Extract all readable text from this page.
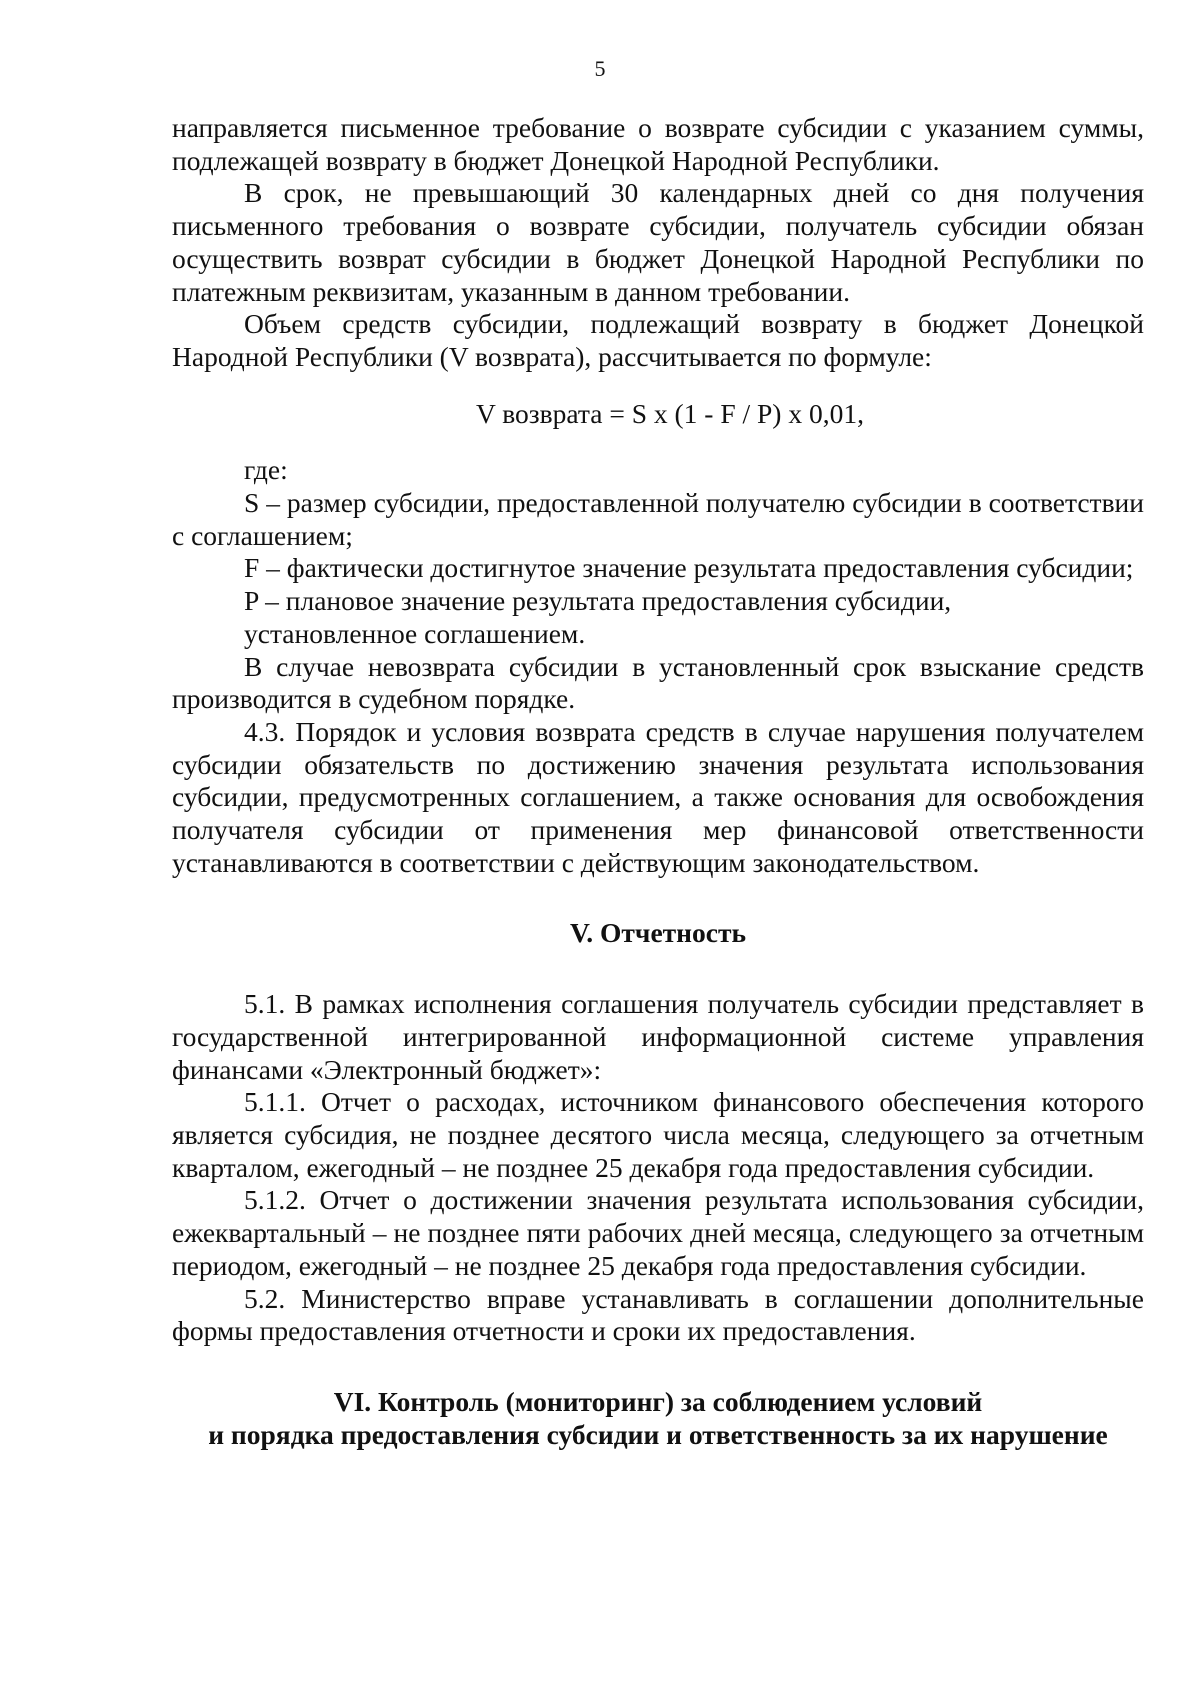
5

направляется письменное требование о возврате субсидии с указанием суммы, подлежащей возврату в бюджет Донецкой Народной Республики.

В срок, не превышающий 30 календарных дней со дня получения письменного требования о возврате субсидии, получатель субсидии обязан осуществить возврат субсидии в бюджет Донецкой Народной Республики по платежным реквизитам, указанным в данном требовании.

Объем средств субсидии, подлежащий возврату в бюджет Донецкой Народной Республики (V возврата), рассчитывается по формуле:

V возврата = S x (1 - F / P) x 0,01,

где:

S – размер субсидии, предоставленной получателю субсидии в соответствии с соглашением;

F – фактически достигнутое значение результата предоставления субсидии;

P – плановое значение результата предоставления субсидии,

установленное соглашением.

В случае невозврата субсидии в установленный срок взыскание средств производится в судебном порядке.

4.3. Порядок и условия возврата средств в случае нарушения получателем субсидии обязательств по достижению значения результата использования субсидии, предусмотренных соглашением, а также основания для освобождения получателя субсидии от применения мер финансовой ответственности устанавливаются в соответствии с действующим законодательством.

V. Отчетность

5.1. В рамках исполнения соглашения получатель субсидии представляет в государственной интегрированной информационной системе управления финансами «Электронный бюджет»:

5.1.1. Отчет о расходах, источником финансового обеспечения которого является субсидия, не позднее десятого числа месяца, следующего за отчетным кварталом, ежегодный – не позднее 25 декабря года предоставления субсидии.

5.1.2. Отчет о достижении значения результата использования субсидии, ежеквартальный – не позднее пяти рабочих дней месяца, следующего за отчетным периодом, ежегодный – не позднее 25 декабря года предоставления субсидии.

5.2. Министерство вправе устанавливать в соглашении дополнительные формы предоставления отчетности и сроки их предоставления.

VI. Контроль (мониторинг) за соблюдением условий
и порядка предоставления субсидии и ответственность за их нарушение
